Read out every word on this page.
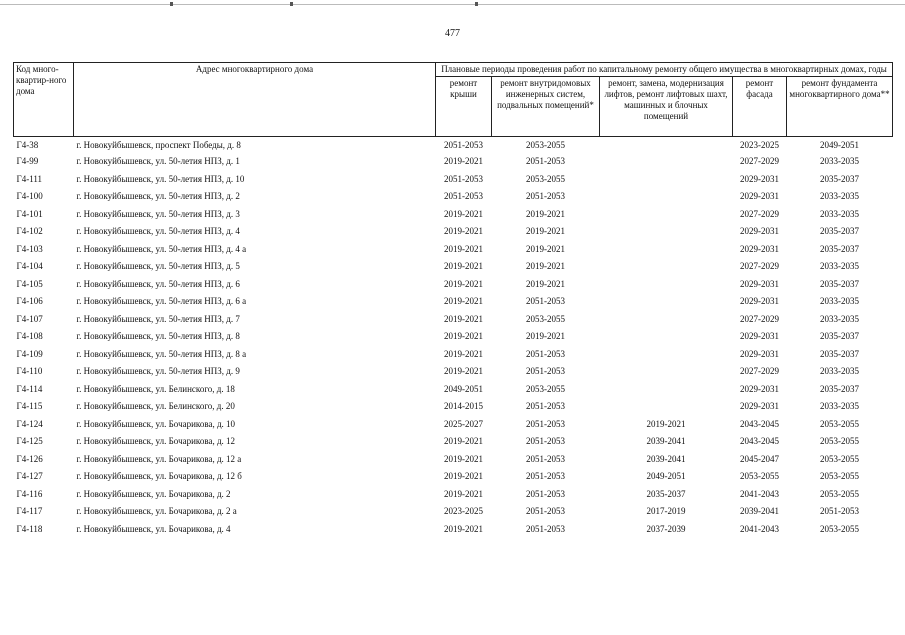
477
Код много-квартир-ного дома	Адрес многоквартирного дома	Плановые периоды проведения работ по капитальному ремонту общего имущества в многоквартирных домах, годы				
		ремонт крыши	ремонт внутридомовых инженерных систем, подвальных помещений*	ремонт, замена, модернизация лифтов, ремонт лифтовых шахт, машинных и блочных помещений	ремонт фасада	ремонт фундамента многоквартирного дома**
Г4-38	г. Новокуйбышевск, проспект Победы, д. 8	2051-2053	2053-2055		2023-2025	2049-2051
Г4-99	г. Новокуйбышевск, ул. 50-летия НПЗ, д. 1	2019-2021	2051-2053		2027-2029	2033-2035
Г4-111	г. Новокуйбышевск, ул. 50-летия НПЗ, д. 10	2051-2053	2053-2055		2029-2031	2035-2037
Г4-100	г. Новокуйбышевск, ул. 50-летия НПЗ, д. 2	2051-2053	2051-2053		2029-2031	2033-2035
Г4-101	г. Новокуйбышевск, ул. 50-летия НПЗ, д. 3	2019-2021	2019-2021		2027-2029	2033-2035
Г4-102	г. Новокуйбышевск, ул. 50-летия НПЗ, д. 4	2019-2021	2019-2021		2029-2031	2035-2037
Г4-103	г. Новокуйбышевск, ул. 50-летия НПЗ, д. 4 а	2019-2021	2019-2021		2029-2031	2035-2037
Г4-104	г. Новокуйбышевск, ул. 50-летия НПЗ, д. 5	2019-2021	2019-2021		2027-2029	2033-2035
Г4-105	г. Новокуйбышевск, ул. 50-летия НПЗ, д. 6	2019-2021	2019-2021		2029-2031	2035-2037
Г4-106	г. Новокуйбышевск, ул. 50-летия НПЗ, д. 6 а	2019-2021	2051-2053		2029-2031	2033-2035
Г4-107	г. Новокуйбышевск, ул. 50-летия НПЗ, д. 7	2019-2021	2053-2055		2027-2029	2033-2035
Г4-108	г. Новокуйбышевск, ул. 50-летия НПЗ, д. 8	2019-2021	2019-2021		2029-2031	2035-2037
Г4-109	г. Новокуйбышевск, ул. 50-летия НПЗ, д. 8 а	2019-2021	2051-2053		2029-2031	2035-2037
Г4-110	г. Новокуйбышевск, ул. 50-летия НПЗ, д. 9	2019-2021	2051-2053		2027-2029	2033-2035
Г4-114	г. Новокуйбышевск, ул. Белинского, д. 18	2049-2051	2053-2055		2029-2031	2035-2037
Г4-115	г. Новокуйбышевск, ул. Белинского, д. 20	2014-2015	2051-2053		2029-2031	2033-2035
Г4-124	г. Новокуйбышевск, ул. Бочарикова, д. 10	2025-2027	2051-2053	2019-2021	2043-2045	2053-2055
Г4-125	г. Новокуйбышевск, ул. Бочарикова, д. 12	2019-2021	2051-2053	2039-2041	2043-2045	2053-2055
Г4-126	г. Новокуйбышевск, ул. Бочарикова, д. 12 а	2019-2021	2051-2053	2039-2041	2045-2047	2053-2055
Г4-127	г. Новокуйбышевск, ул. Бочарикова, д. 12 б	2019-2021	2051-2053	2049-2051	2053-2055	2053-2055
Г4-116	г. Новокуйбышевск, ул. Бочарикова, д. 2	2019-2021	2051-2053	2035-2037	2041-2043	2053-2055
Г4-117	г. Новокуйбышевск, ул. Бочарикова, д. 2 а	2023-2025	2051-2053	2017-2019	2039-2041	2051-2053
Г4-118	г. Новокуйбышевск, ул. Бочарикова, д. 4	2019-2021	2051-2053	2037-2039	2041-2043	2053-2055
